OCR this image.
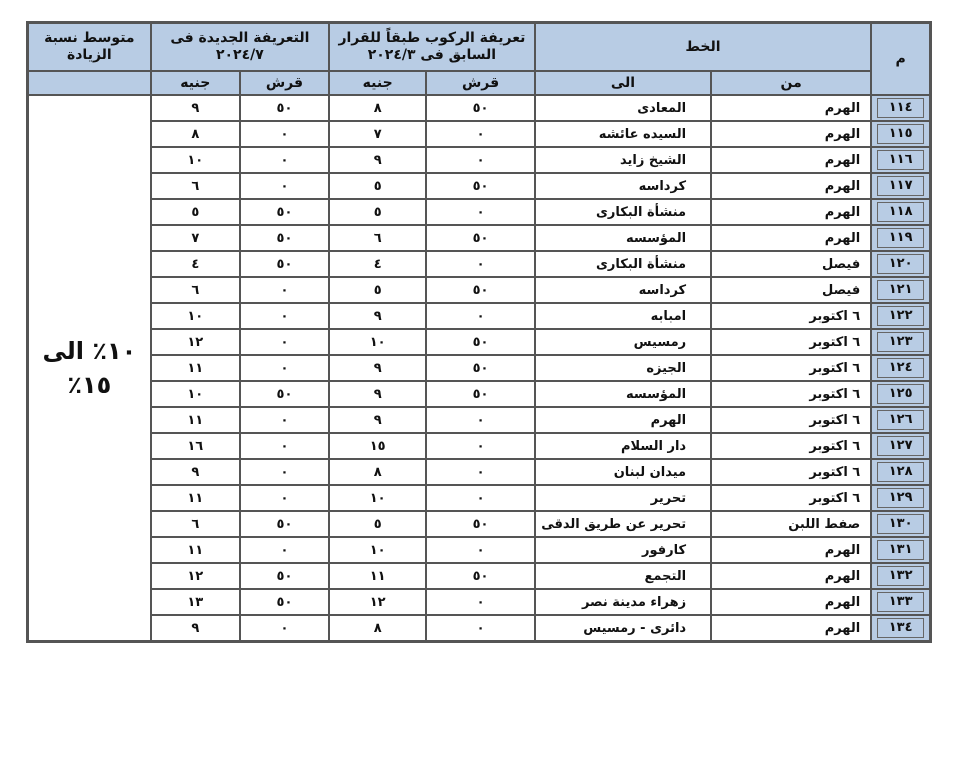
م	الخط		تعريفة الركوب طبقاً للقرار السابق فى ٢٠٢٤/٣		التعريفة الجديدة فى ٢٠٢٤/٧		متوسط نسبة الزيادة
	من	الى	قرش	جنيه	قرش	جنيه	

١١٤	الهرم	المعادى	٥٠	٨	٥٠	٩	١٠٪ الى ١٥٪

١١٥	الهرم	السيده عائشه	٠	٧	٠	٨	

١١٦	الهرم	الشيخ زايد	٠	٩	٠	١٠	

١١٧	الهرم	كرداسه	٥٠	٥	٠	٦	

١١٨	الهرم	منشأة البكارى	٠	٥	٥٠	٥	

١١٩	الهرم	المؤسسه	٥٠	٦	٥٠	٧	

١٢٠	فيصل	منشأة البكارى	٠	٤	٥٠	٤	

١٢١	فيصل	كرداسه	٥٠	٥	٠	٦	

١٢٢	٦ اكتوبر	امبابه	٠	٩	٠	١٠	

١٢٣	٦ اكتوبر	رمسيس	٥٠	١٠	٠	١٢	

١٢٤	٦ اكتوبر	الجيزه	٥٠	٩	٠	١١	

١٢٥	٦ اكتوبر	المؤسسه	٥٠	٩	٥٠	١٠	

١٢٦	٦ اكتوبر	الهرم	٠	٩	٠	١١	

١٢٧	٦ اكتوبر	دار السلام	٠	١٥	٠	١٦	

١٢٨	٦ اكتوبر	ميدان لبنان	٠	٨	٠	٩	

١٢٩	٦ اكتوبر	تحرير	٠	١٠	٠	١١	

١٣٠	صفط اللبن	تحرير عن طريق الدقى	٥٠	٥	٥٠	٦	

١٣١	الهرم	كارفور	٠	١٠	٠	١١	

١٣٢	الهرم	التجمع	٥٠	١١	٥٠	١٢	

١٣٣	الهرم	زهراء مدينة نصر	٠	١٢	٥٠	١٣	

١٣٤	الهرم	دائرى - رمسيس	٠	٨	٠	٩	
